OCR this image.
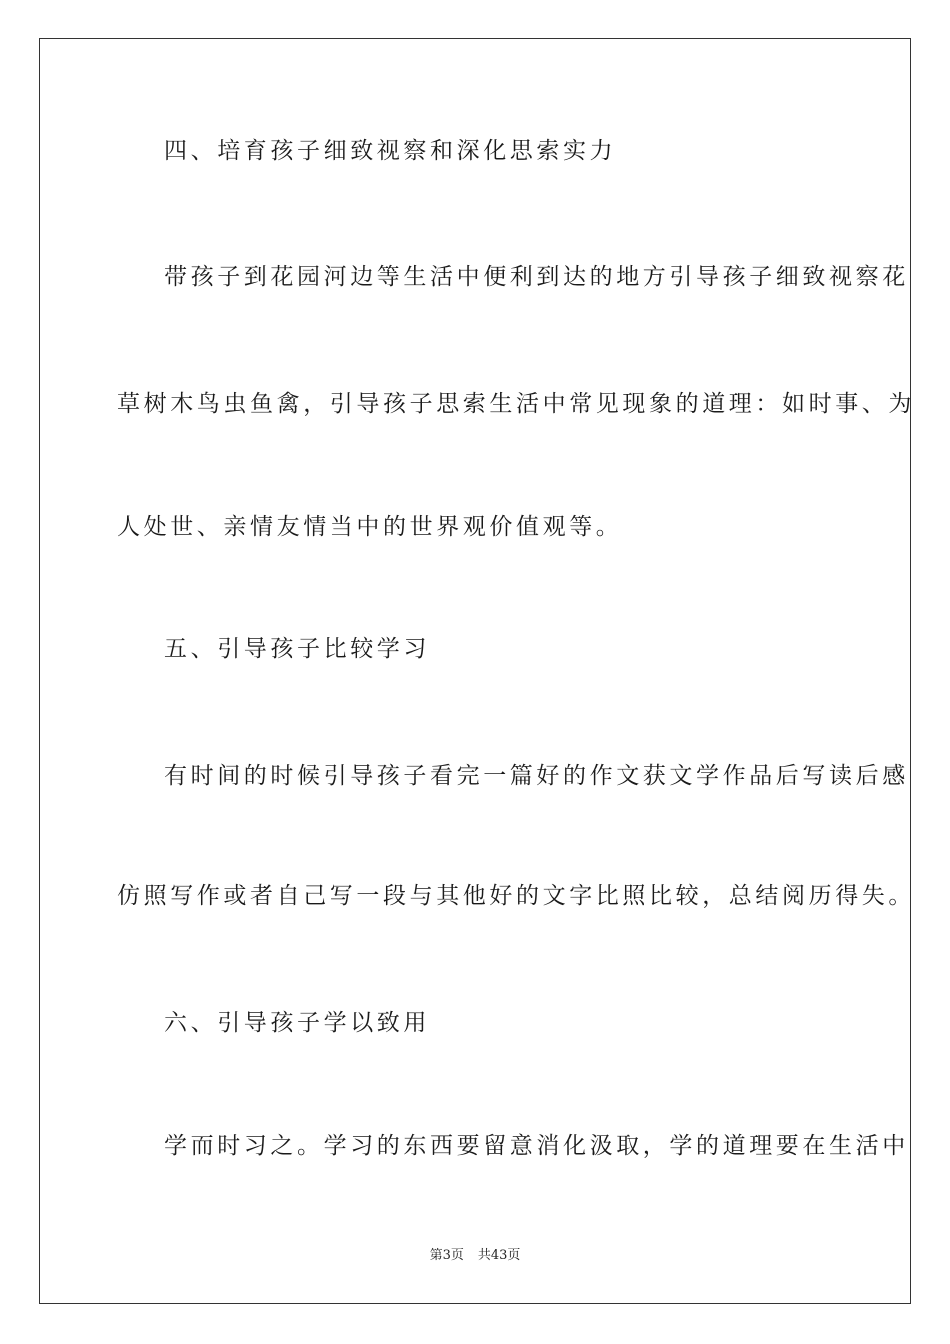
四、培育孩子细致视察和深化思索实力
带孩子到花园河边等生活中便利到达的地方引导孩子细致视察花
草树木鸟虫鱼禽，引导孩子思索生活中常见现象的道理：如时事、为
人处世、亲情友情当中的世界观价值观等。
五、引导孩子比较学习
有时间的时候引导孩子看完一篇好的作文获文学作品后写读后感
仿照写作或者自己写一段与其他好的文字比照比较，总结阅历得失。
六、引导孩子学以致用
学而时习之。学习的东西要留意消化汲取，学的道理要在生活中
第3页 共43页
